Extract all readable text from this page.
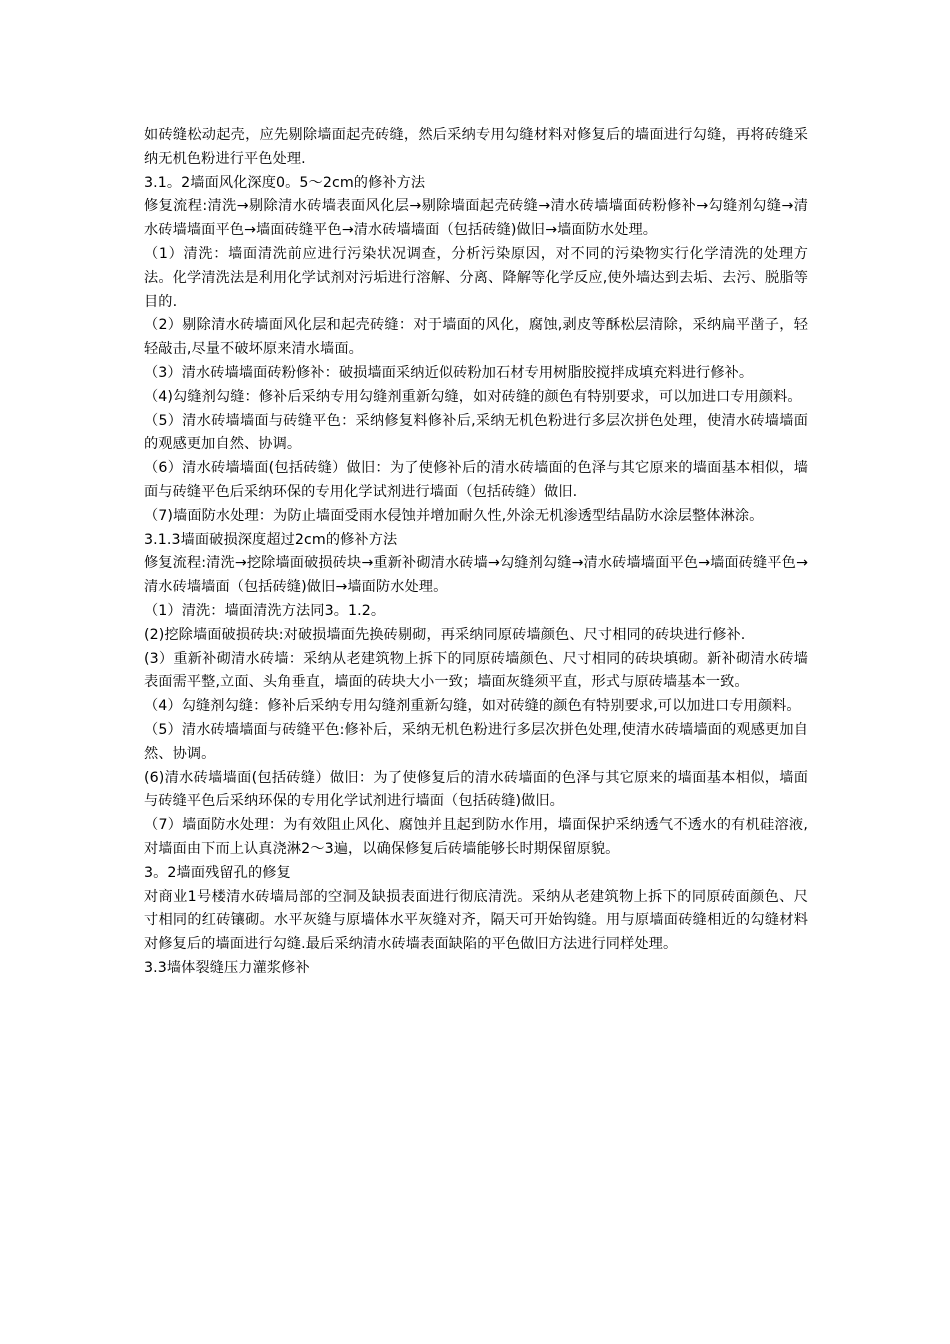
如砖缝松动起壳，应先剔除墙面起壳砖缝，然后采纳专用勾缝材料对修复后的墙面进行勾缝，再将砖缝采纳无机色粉进行平色处理.

3.1。2墙面风化深度0。5～2cm的修补方法

修复流程:清洗→剔除清水砖墙表面风化层→剔除墙面起壳砖缝→清水砖墙墙面砖粉修补→勾缝剂勾缝→清水砖墙墙面平色→墙面砖缝平色→清水砖墙墙面（包括砖缝)做旧→墙面防水处理。

（1）清洗：墙面清洗前应进行污染状况调查，分析污染原因，对不同的污染物实行化学清洗的处理方法。化学清洗法是利用化学试剂对污垢进行溶解、分离、降解等化学反应,使外墙达到去垢、去污、脱脂等目的.

（2）剔除清水砖墙面风化层和起壳砖缝：对于墙面的风化，腐蚀,剥皮等酥松层清除，采纳扁平凿子，轻轻敲击,尽量不破坏原来清水墙面。

（3）清水砖墙墙面砖粉修补：破损墙面采纳近似砖粉加石材专用树脂胶搅拌成填充料进行修补。

（4)勾缝剂勾缝：修补后采纳专用勾缝剂重新勾缝，如对砖缝的颜色有特别要求，可以加进口专用颜料。

（5）清水砖墙墙面与砖缝平色：采纳修复料修补后,采纳无机色粉进行多层次拼色处理，使清水砖墙墙面的观感更加自然、协调。

（6）清水砖墙墙面(包括砖缝）做旧：为了使修补后的清水砖墙面的色泽与其它原来的墙面基本相似，墙面与砖缝平色后采纳环保的专用化学试剂进行墙面（包括砖缝）做旧.

（7)墙面防水处理：为防止墙面受雨水侵蚀并增加耐久性,外涂无机渗透型结晶防水涂层整体淋涂。

3.1.3墙面破损深度超过2cm的修补方法

修复流程:清洗→挖除墙面破损砖块→重新补砌清水砖墙→勾缝剂勾缝→清水砖墙墙面平色→墙面砖缝平色→清水砖墙墙面（包括砖缝)做旧→墙面防水处理。

（1）清洗：墙面清洗方法同3。1.2。

(2)挖除墙面破损砖块:对破损墙面先换砖剔砌，再采纳同原砖墙颜色、尺寸相同的砖块进行修补.

(3）重新补砌清水砖墙：采纳从老建筑物上拆下的同原砖墙颜色、尺寸相同的砖块填砌。新补砌清水砖墙表面需平整,立面、头角垂直，墙面的砖块大小一致；墙面灰缝须平直，形式与原砖墙基本一致。

（4）勾缝剂勾缝：修补后采纳专用勾缝剂重新勾缝，如对砖缝的颜色有特别要求,可以加进口专用颜料。

（5）清水砖墙墙面与砖缝平色:修补后，采纳无机色粉进行多层次拼色处理,使清水砖墙墙面的观感更加自然、协调。

(6)清水砖墙墙面(包括砖缝）做旧：为了使修复后的清水砖墙面的色泽与其它原来的墙面基本相似，墙面与砖缝平色后采纳环保的专用化学试剂进行墙面（包括砖缝)做旧。

（7）墙面防水处理：为有效阻止风化、腐蚀并且起到防水作用，墙面保护采纳透气不透水的有机硅溶液,对墙面由下而上认真浇淋2～3遍，以确保修复后砖墙能够长时期保留原貌。

3。2墙面残留孔的修复

对商业1号楼清水砖墙局部的空洞及缺损表面进行彻底清洗。采纳从老建筑物上拆下的同原砖面颜色、尺寸相同的红砖镶砌。水平灰缝与原墙体水平灰缝对齐，隔天可开始钩缝。用与原墙面砖缝相近的勾缝材料对修复后的墙面进行勾缝.最后采纳清水砖墙表面缺陷的平色做旧方法进行同样处理。

3.3墙体裂缝压力灌浆修补
